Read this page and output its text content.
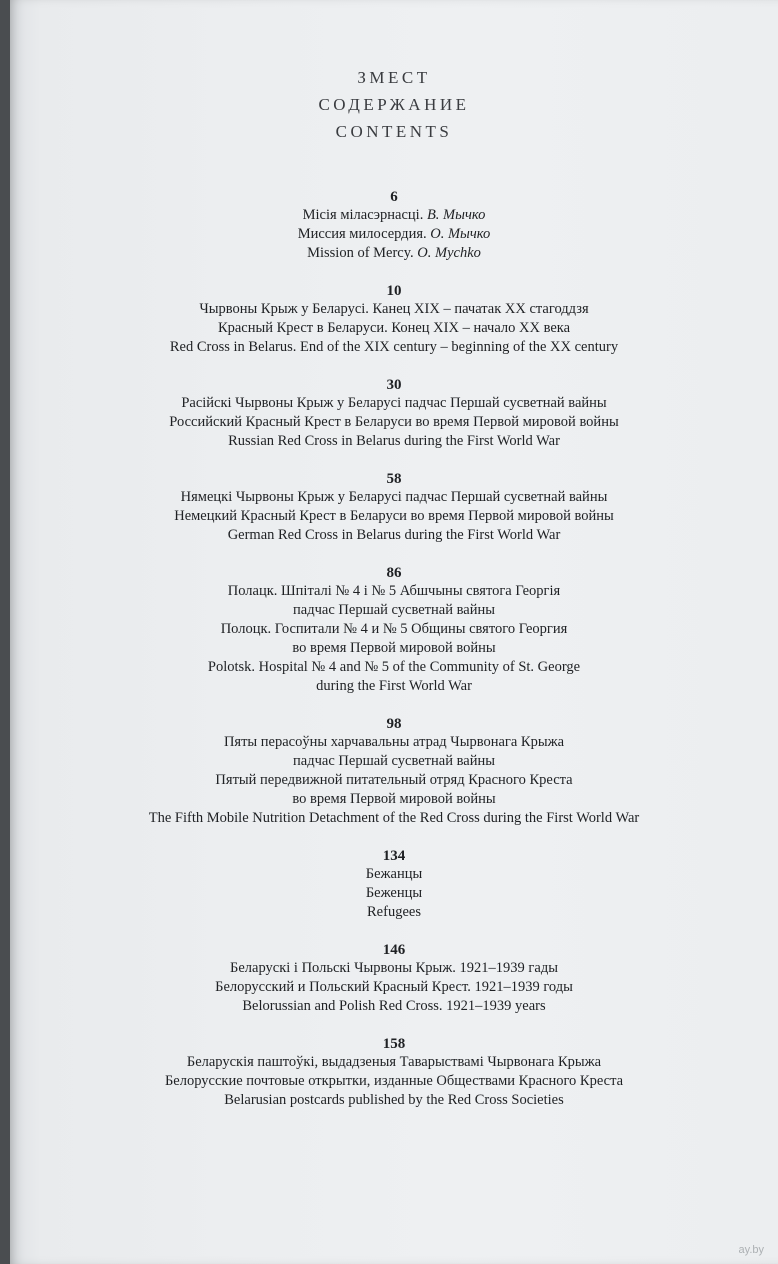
ЗМЕСТ
СОДЕРЖАНИЕ
CONTENTS
6
Місія міласэрнасці. В. Мычко
Миссия милосердия. О. Мычко
Mission of Mercy. O. Mychko
10
Чырвоны Крыж у Беларусі. Канец ХІХ – пачатак ХХ стагоддзя
Красный Крест в Беларуси. Конец ХІХ – начало ХХ века
Red Cross in Belarus. End of the XIX century – beginning of the XX century
30
Расійскі Чырвоны Крыж у Беларусі падчас Першай сусветнай вайны
Российский Красный Крест в Беларуси во время Первой мировой войны
Russian Red Cross in Belarus during the First World War
58
Нямецкі Чырвоны Крыж у Беларусі падчас Першай сусветнай вайны
Немецкий Красный Крест в Беларуси во время Первой мировой войны
German Red Cross in Belarus during the First World War
86
Полацк. Шпіталі № 4 і № 5 Абшчыны святога Георгія
падчас Першай сусветнай вайны
Полоцк. Госпитали № 4 и № 5 Общины святого Георгия
во время Первой мировой войны
Polotsk. Hospital № 4 and № 5 of the Community of St. George
during the First World War
98
Пяты перасоўны харчавальны атрад Чырвонага Крыжа
падчас Першай сусветнай вайны
Пятый передвижной питательный отряд Красного Креста
во время Первой мировой войны
The Fifth Mobile Nutrition Detachment of the Red Cross during the First World War
134
Бежанцы
Беженцы
Refugees
146
Беларускі і Польскі Чырвоны Крыж. 1921–1939 гады
Белорусский и Польский Красный Крест. 1921–1939 годы
Belorussian and Polish Red Cross. 1921–1939 years
158
Беларускія паштоўкі, выдадзеныя Таварыствамі Чырвонага Крыжа
Белорусские почтовые открытки, изданные Обществами Красного Креста
Belarusian postcards published by the Red Cross Societies
ay.by
